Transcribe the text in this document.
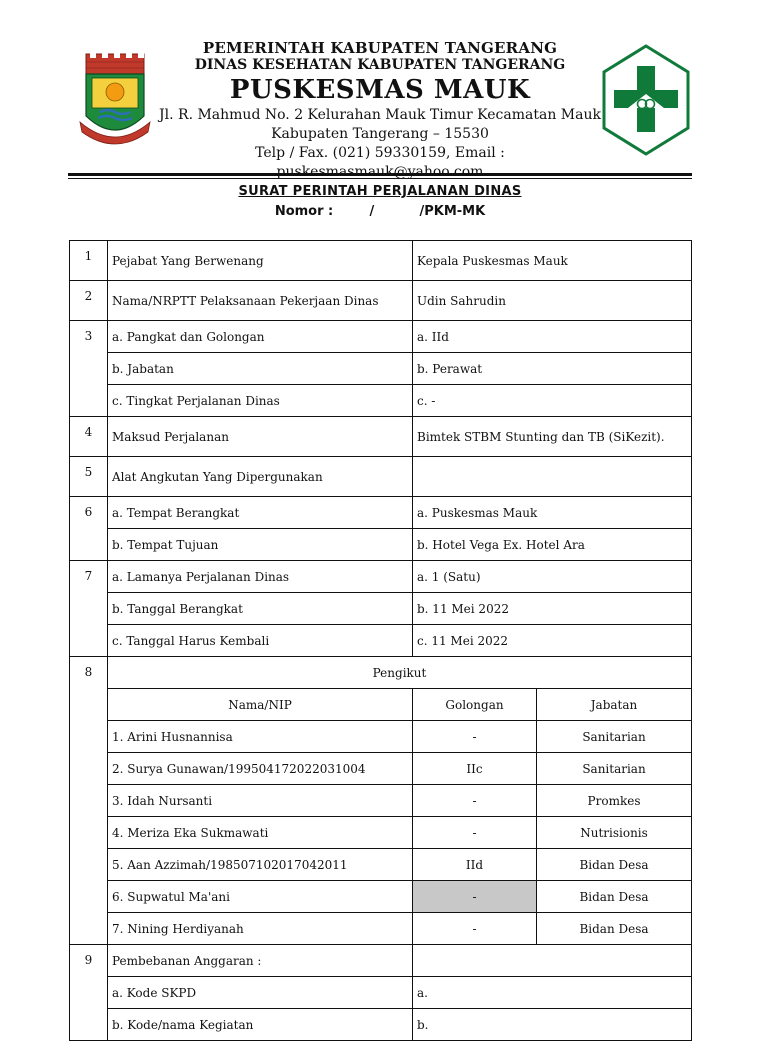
PEMERINTAH KABUPATEN TANGERANG
DINAS KESEHATAN KABUPATEN TANGERANG
PUSKESMAS MAUK
Jl. R. Mahmud No. 2 Kelurahan Mauk Timur Kecamatan Mauk
Kabupaten Tangerang – 15530
Telp / Fax. (021) 59330159, Email : puskesmasmauk@yahoo.com
SURAT PERINTAH PERJALANAN DINAS
Nomor :        /          /PKM-MK
1	Pejabat Yang Berwenang	Kepala Puskesmas Mauk	
2	Nama/NRPTT Pelaksanaan Pekerjaan Dinas	Udin Sahrudin	
3	a. Pangkat dan Golongan	a. IId	
	b. Jabatan	b. Perawat	
	c. Tingkat Perjalanan Dinas	c. -	
4	Maksud Perjalanan	Bimtek STBM Stunting dan TB (SiKezit).	
5	Alat Angkutan Yang Dipergunakan		
6	a. Tempat Berangkat	a. Puskesmas Mauk	
	b. Tempat Tujuan	b. Hotel Vega Ex. Hotel Ara	
7	a. Lamanya Perjalanan Dinas	a. 1 (Satu)	
	b. Tanggal Berangkat	b. 11 Mei 2022	
	c. Tanggal Harus Kembali	c. 11 Mei 2022	
8	Pengikut		
	Nama/NIP	Golongan	Jabatan
	1. Arini Husnannisa	-	Sanitarian
	2. Surya Gunawan/199504172022031004	IIc	Sanitarian
	3. Idah Nursanti	-	Promkes
	4. Meriza Eka Sukmawati	-	Nutrisionis
	5. Aan Azzimah/198507102017042011	IId	Bidan Desa
	6. Supwatul Ma'ani	-	Bidan Desa
	7. Nining Herdiyanah	-	Bidan Desa
9	Pembebanan Anggaran :		
	a. Kode SKPD	a.	
	b. Kode/nama Kegiatan	b.	
